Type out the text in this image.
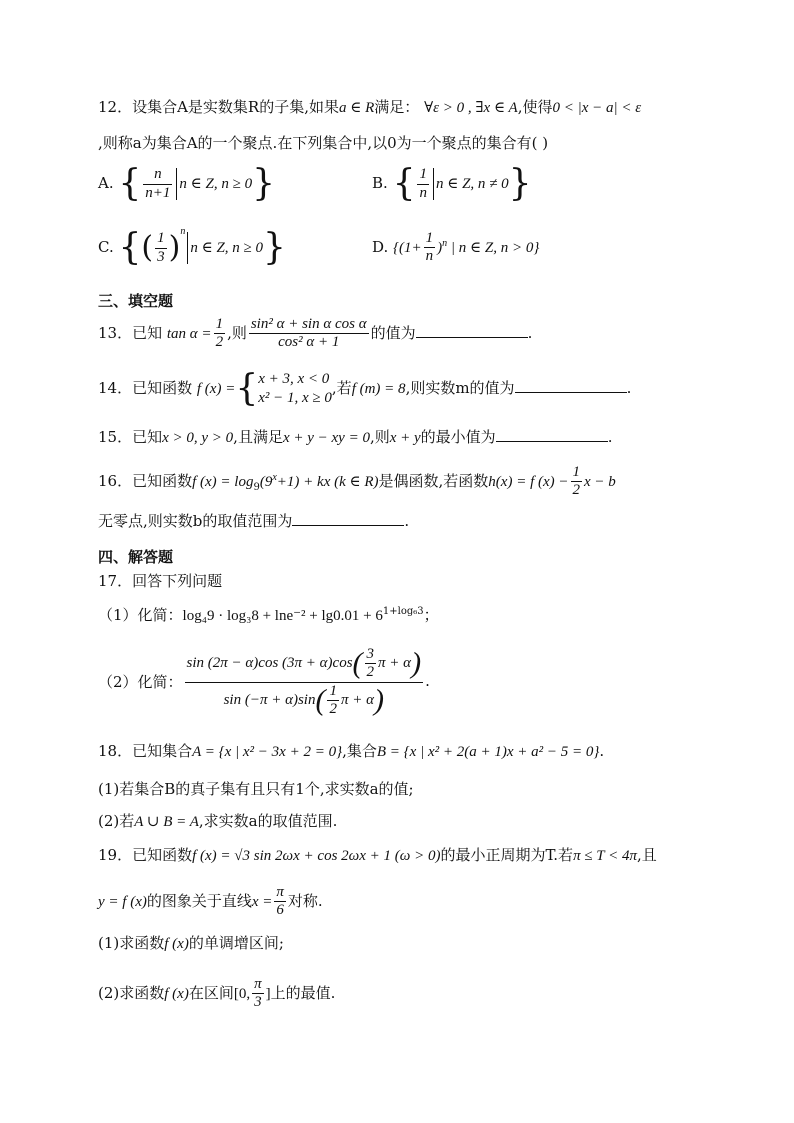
12．设集合A是实数集R的子集,如果a ∈ R满足： ∀ε > 0 , ∃x ∈ A,使得0 < |x − a| < ε
,则称a为集合A的一个聚点.在下列集合中,以0为一个聚点的集合有( )
A. { $\frac{n}{n+1}$ n ∈ Z, n ≥ 0}	B. { $\frac{1}{n}$ n ∈ Z, n ≠ 0}
C. {( $\frac{1}{3} )^nn$ ∈ Z, n ≥ 0}	D. {$(1+ \frac{1}{n} )^n$ | n ∈ Z, n > 0}
三、填空题
13．已知 $\tan \alpha = \frac{1}{2}$ ,则 $\frac{\text{sin² α + sin α cos α}}{\text{cos² α + 1}}$ 的值为	.
14．已知函数 f (x) ={ x + 3, x < 0
x² − 1, x ≥ 0
,若f (m) = 8,则实数m的值为	.
15．已知x > 0, y > 0,且满足x + y − xy = 0,则x + y的最小值为	.
16．已知函数f $(x) = \log_9(9^x+1)$ + kx (k ∈ R)是偶函数,若函数h(x) = f $(x) - \frac{1}{2}$ x − b
无零点,则实数b的取值范围为	.
四、解答题
17．回答下列问题
（1）化简：$\log_49 \cdot \log_38 + \ln e^{-2} + \lg 0.01 + 6^{1+log_63}$；
（2）化简： $\frac{\sin (2\pi - \alpha)\cos (3\pi + \alpha)\cos( \frac{3}{2} \pi + \alpha)}{\sin (-\pi + \alpha)\sin( \frac{1}{2} \pi + \alpha)}$ .
18．已知集合A = {x | x² − 3x + 2 = 0},集合B = {x | x² + 2(a + 1)x + a² − 5 = 0}.
(1)若集合B的真子集有且只有1个,求实数a的值;
(2)若A ∪ B = A,求实数a的取值范围.
19．已知函数f (x) = √3 sin 2ωx + cos 2ωx + 1 (ω > 0)的最小正周期为T.若π ≤ T < 4π,且
y = f (x)的图象关于直线$x = \frac{\pi}{6}$ 对称.
(1)求函数f (x)的单调增区间;
(2)求函数f (x)在区间[0, $\frac{\pi}{3}$ ]上的最值.
